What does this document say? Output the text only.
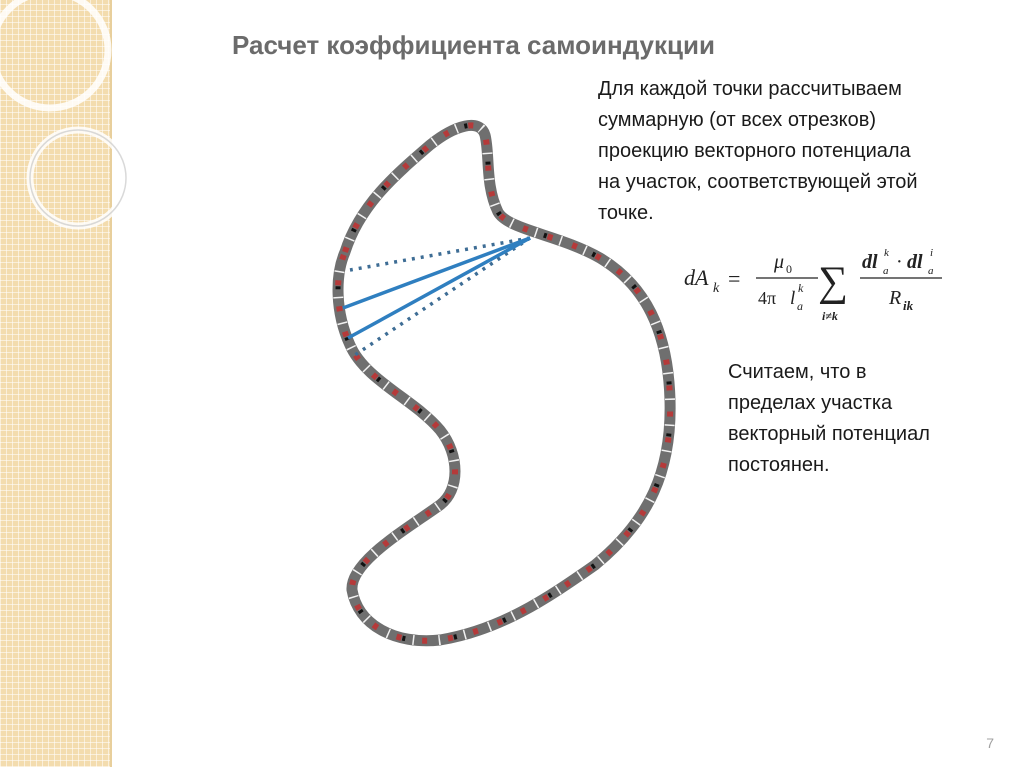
Расчет коэффициента самоиндукции
Для каждой точки рассчитываем
суммарную (от всех отрезков)
проекцию векторного потенциала
на участок, соответствующей этой
точке.
dA k =
μ 0
4π l a
k ∑
i≠k
dl a
k · dl a
i
R ik
Считаем, что в
пределах участка
векторный потенциал
постоянен.
7
